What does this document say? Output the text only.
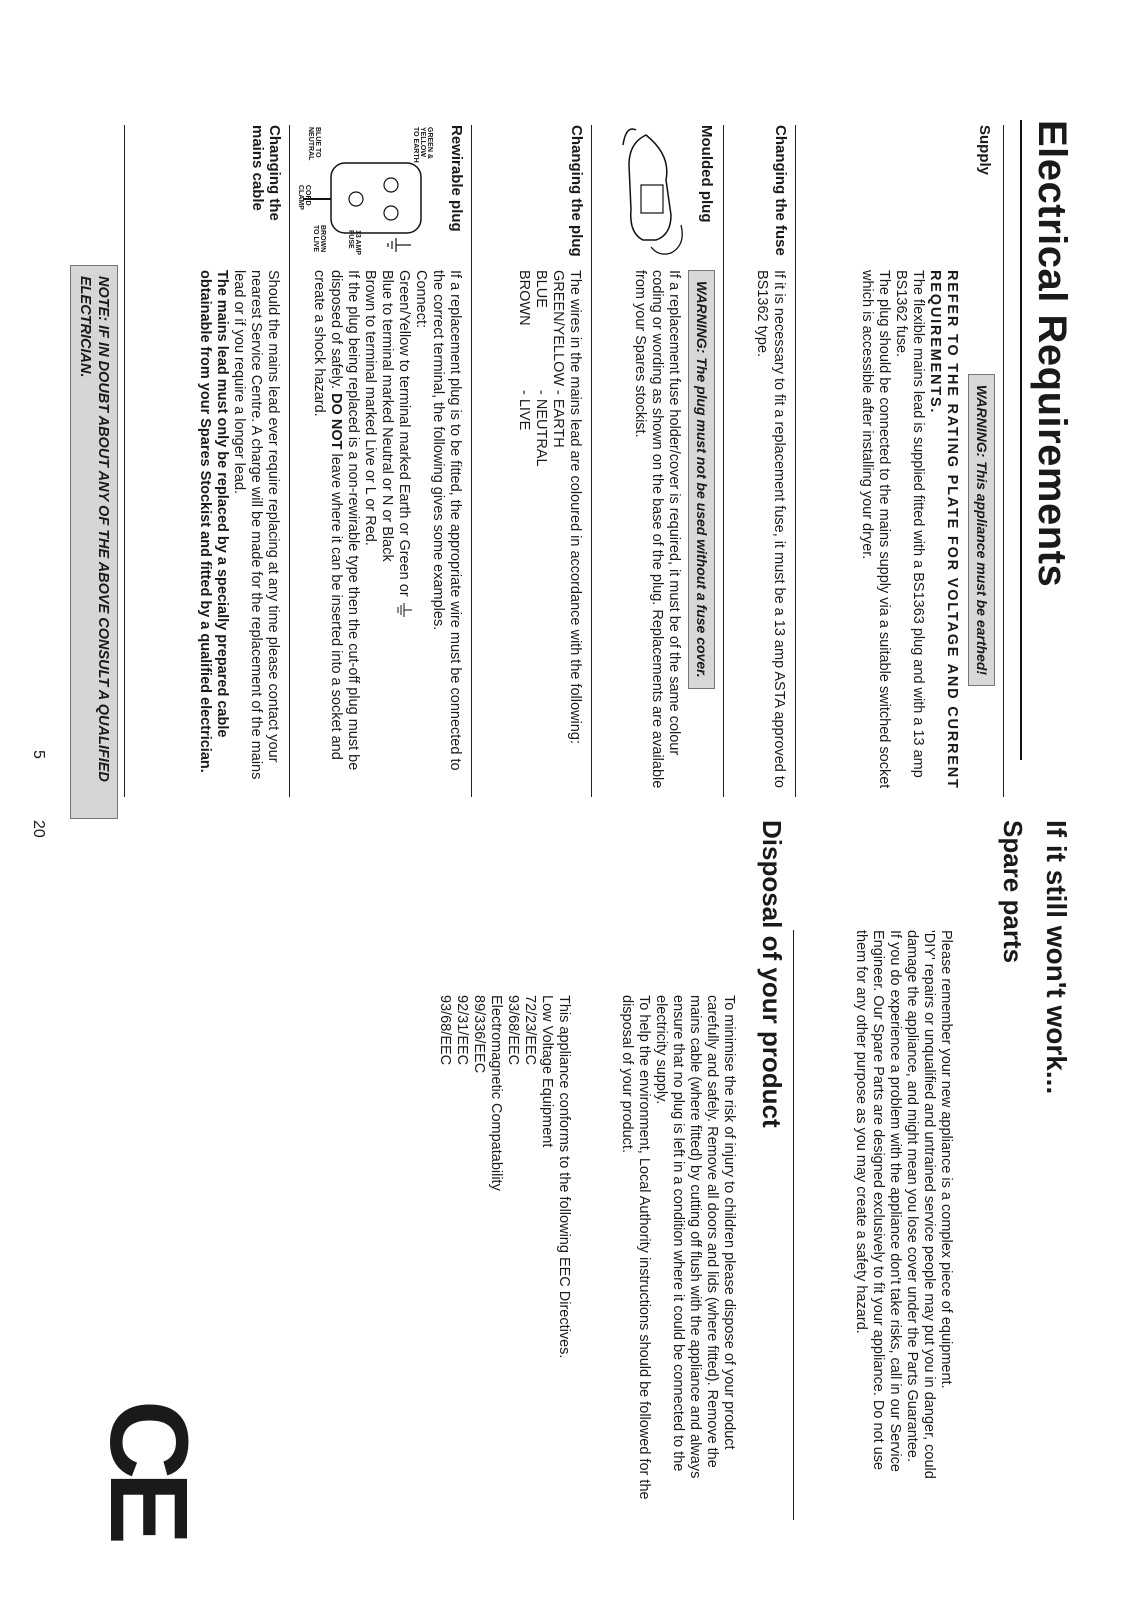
Electrical Requirements
Supply
WARNING: This appliance must be earthed!

REFER TO THE RATING PLATE FOR VOLTAGE AND CURRENT REQUIREMENTS.

The flexible mains lead is supplied fitted with a BS1363 plug and with a 13 amp BS1362 fuse.

The plug should be connected to the mains supply via a suitable switched socket which is accessible after installing your dryer.

Changing the fuse

If it is necessary to fit a replacement fuse, it must be a 13 amp ASTA approved to BS1362 type.

Moulded plug
WARNING: The plug must not be used without a fuse cover.

If a replacement fuse holder/cover is required, it must be of the same colour coding or wording as shown on the base of the plug. Replacements are available from your Spares stockist.

Changing the plug

The wires in the mains lead are coloured in accordance with the following:

GREEN/YELLOW
- EARTH
BLUE
- NEUTRAL
BROWN
- LIVE
Rewirable plug
GREEN & YELLOW TO EARTH
BLUE TO NEUTRAL
CORD CLAMP
BROWN TO LIVE	13 AMP FUSE

If a replacement plug is to be fitted, the appropriate wire must be connected to the correct terminal, the following gives some examples.

Connect:

Green/Yellow to terminal marked Earth or Green or

Blue to terminal marked Neutral or N or Black

Brown to terminal marked Live or L or Red.

If the plug being replaced is a non-rewirable type then the cut-off plug must be disposed of safely. DO NOT leave where it can be inserted into a socket and create a shock hazard.

Changing the mains cable

Should the mains lead ever require replacing at any time please contact your nearest Service Centre. A charge will be made for the replacement of the mains lead or if you require a longer lead.

The mains lead must only be replaced by a specially prepared cable obtainable from your Spares Stockist and fitted by a qualified electrician.

NOTE: IF IN DOUBT ABOUT ANY OF THE ABOVE CONSULT A QUALIFIED ELECTRICIAN.
5
If it still won't work...
Spare parts

Please remember your new appliance is a complex piece of equipment.

'DIY' repairs or unqualified and untrained service people may put you in danger, could damage the appliance, and might mean you lose cover under the Parts Guarantee.

If you do experience a problem with the appliance don't take risks, call in our Service Engineer. Our Spare Parts are designed exclusively to fit your appliance. Do not use them for any other purpose as you may create a safety hazard.

Disposal of your product

To minimise the risk of injury to children please dispose of your product carefully and safely. Remove all doors and lids (where fitted). Remove the mains cable (where fitted) by cutting off flush with the appliance and always ensure that no plug is left in a condition where it could be connected to the electricity supply.

To help the environment, Local Authority instructions should be followed for the disposal of your product.

This appliance conforms to the following EEC Directives.

Low Voltage Equipment

72/23/EEC

93/68/EEC

Electromagnetic Compatability

89/336/EEC

92/31/EEC

93/68/EEC

CE
20
